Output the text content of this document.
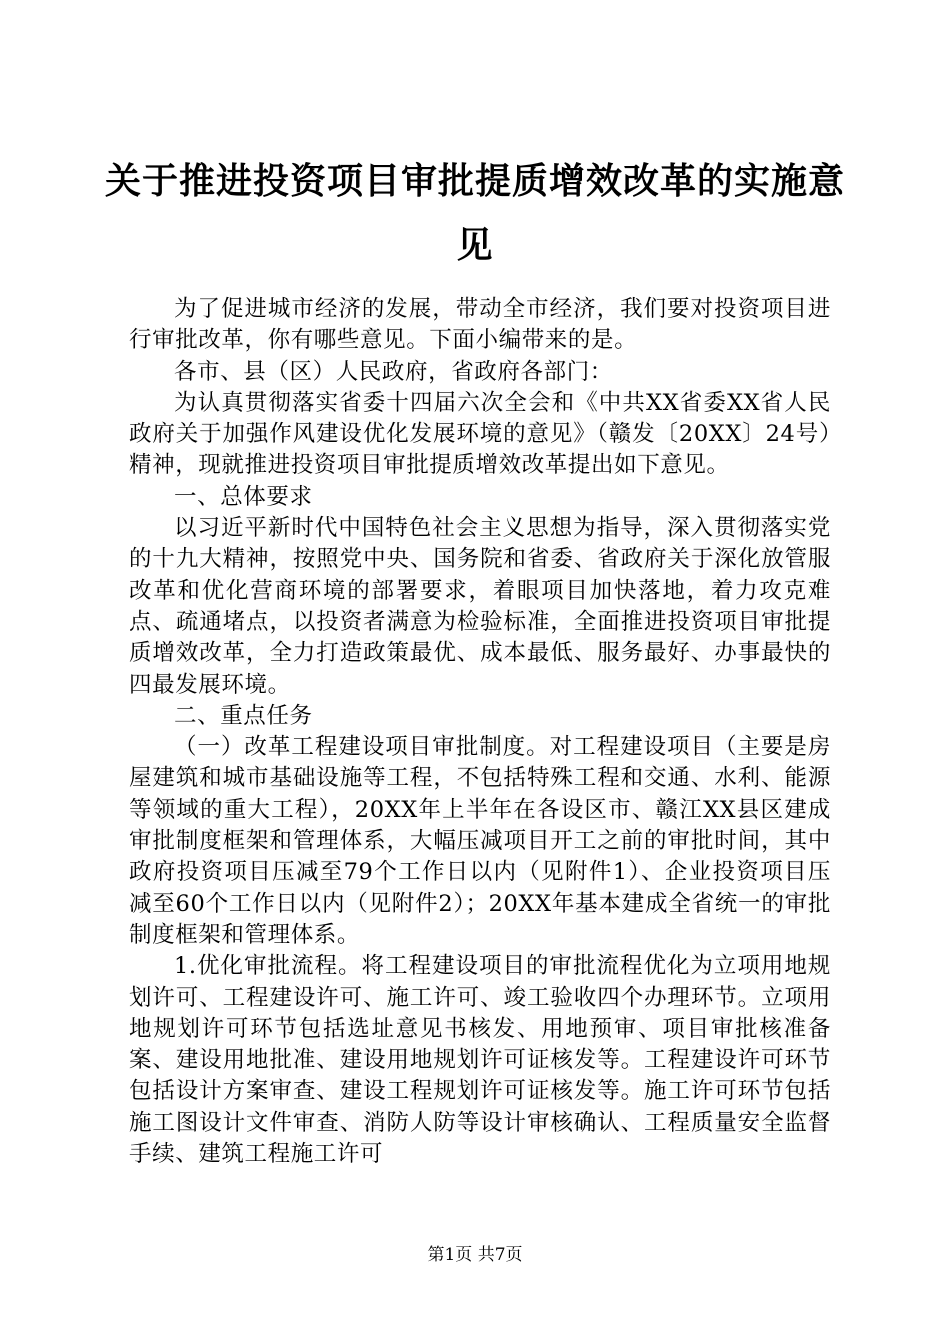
关于推进投资项目审批提质增效改革的实施意
见

为了促进城市经济的发展，带动全市经济，我们要对投资项目进行审批改革，你有哪些意见。下面小编带来的是。

各市、县（区）人民政府，省政府各部门：

为认真贯彻落实省委十四届六次全会和《中共XX省委XX省人民政府关于加强作风建设优化发展环境的意见》（赣发〔20XX〕24号）精神，现就推进投资项目审批提质增效改革提出如下意见。

一、总体要求

以习近平新时代中国特色社会主义思想为指导，深入贯彻落实党的十九大精神，按照党中央、国务院和省委、省政府关于深化放管服改革和优化营商环境的部署要求，着眼项目加快落地，着力攻克难点、疏通堵点，以投资者满意为检验标准，全面推进投资项目审批提质增效改革，全力打造政策最优、成本最低、服务最好、办事最快的四最发展环境。

二、重点任务

（一）改革工程建设项目审批制度。对工程建设项目（主要是房屋建筑和城市基础设施等工程，不包括特殊工程和交通、水利、能源等领域的重大工程），20XX年上半年在各设区市、赣江XX县区建成审批制度框架和管理体系，大幅压减项目开工之前的审批时间，其中政府投资项目压减至79个工作日以内（见附件1）、企业投资项目压减至60个工作日以内（见附件2）；20XX年基本建成全省统一的审批制度框架和管理体系。

1.优化审批流程。将工程建设项目的审批流程优化为立项用地规划许可、工程建设许可、施工许可、竣工验收四个办理环节。立项用地规划许可环节包括选址意见书核发、用地预审、项目审批核准备案、建设用地批准、建设用地规划许可证核发等。工程建设许可环节包括设计方案审查、建设工程规划许可证核发等。施工许可环节包括施工图设计文件审查、消防人防等设计审核确认、工程质量安全监督手续、建筑工程施工许可

第1页 共7页
